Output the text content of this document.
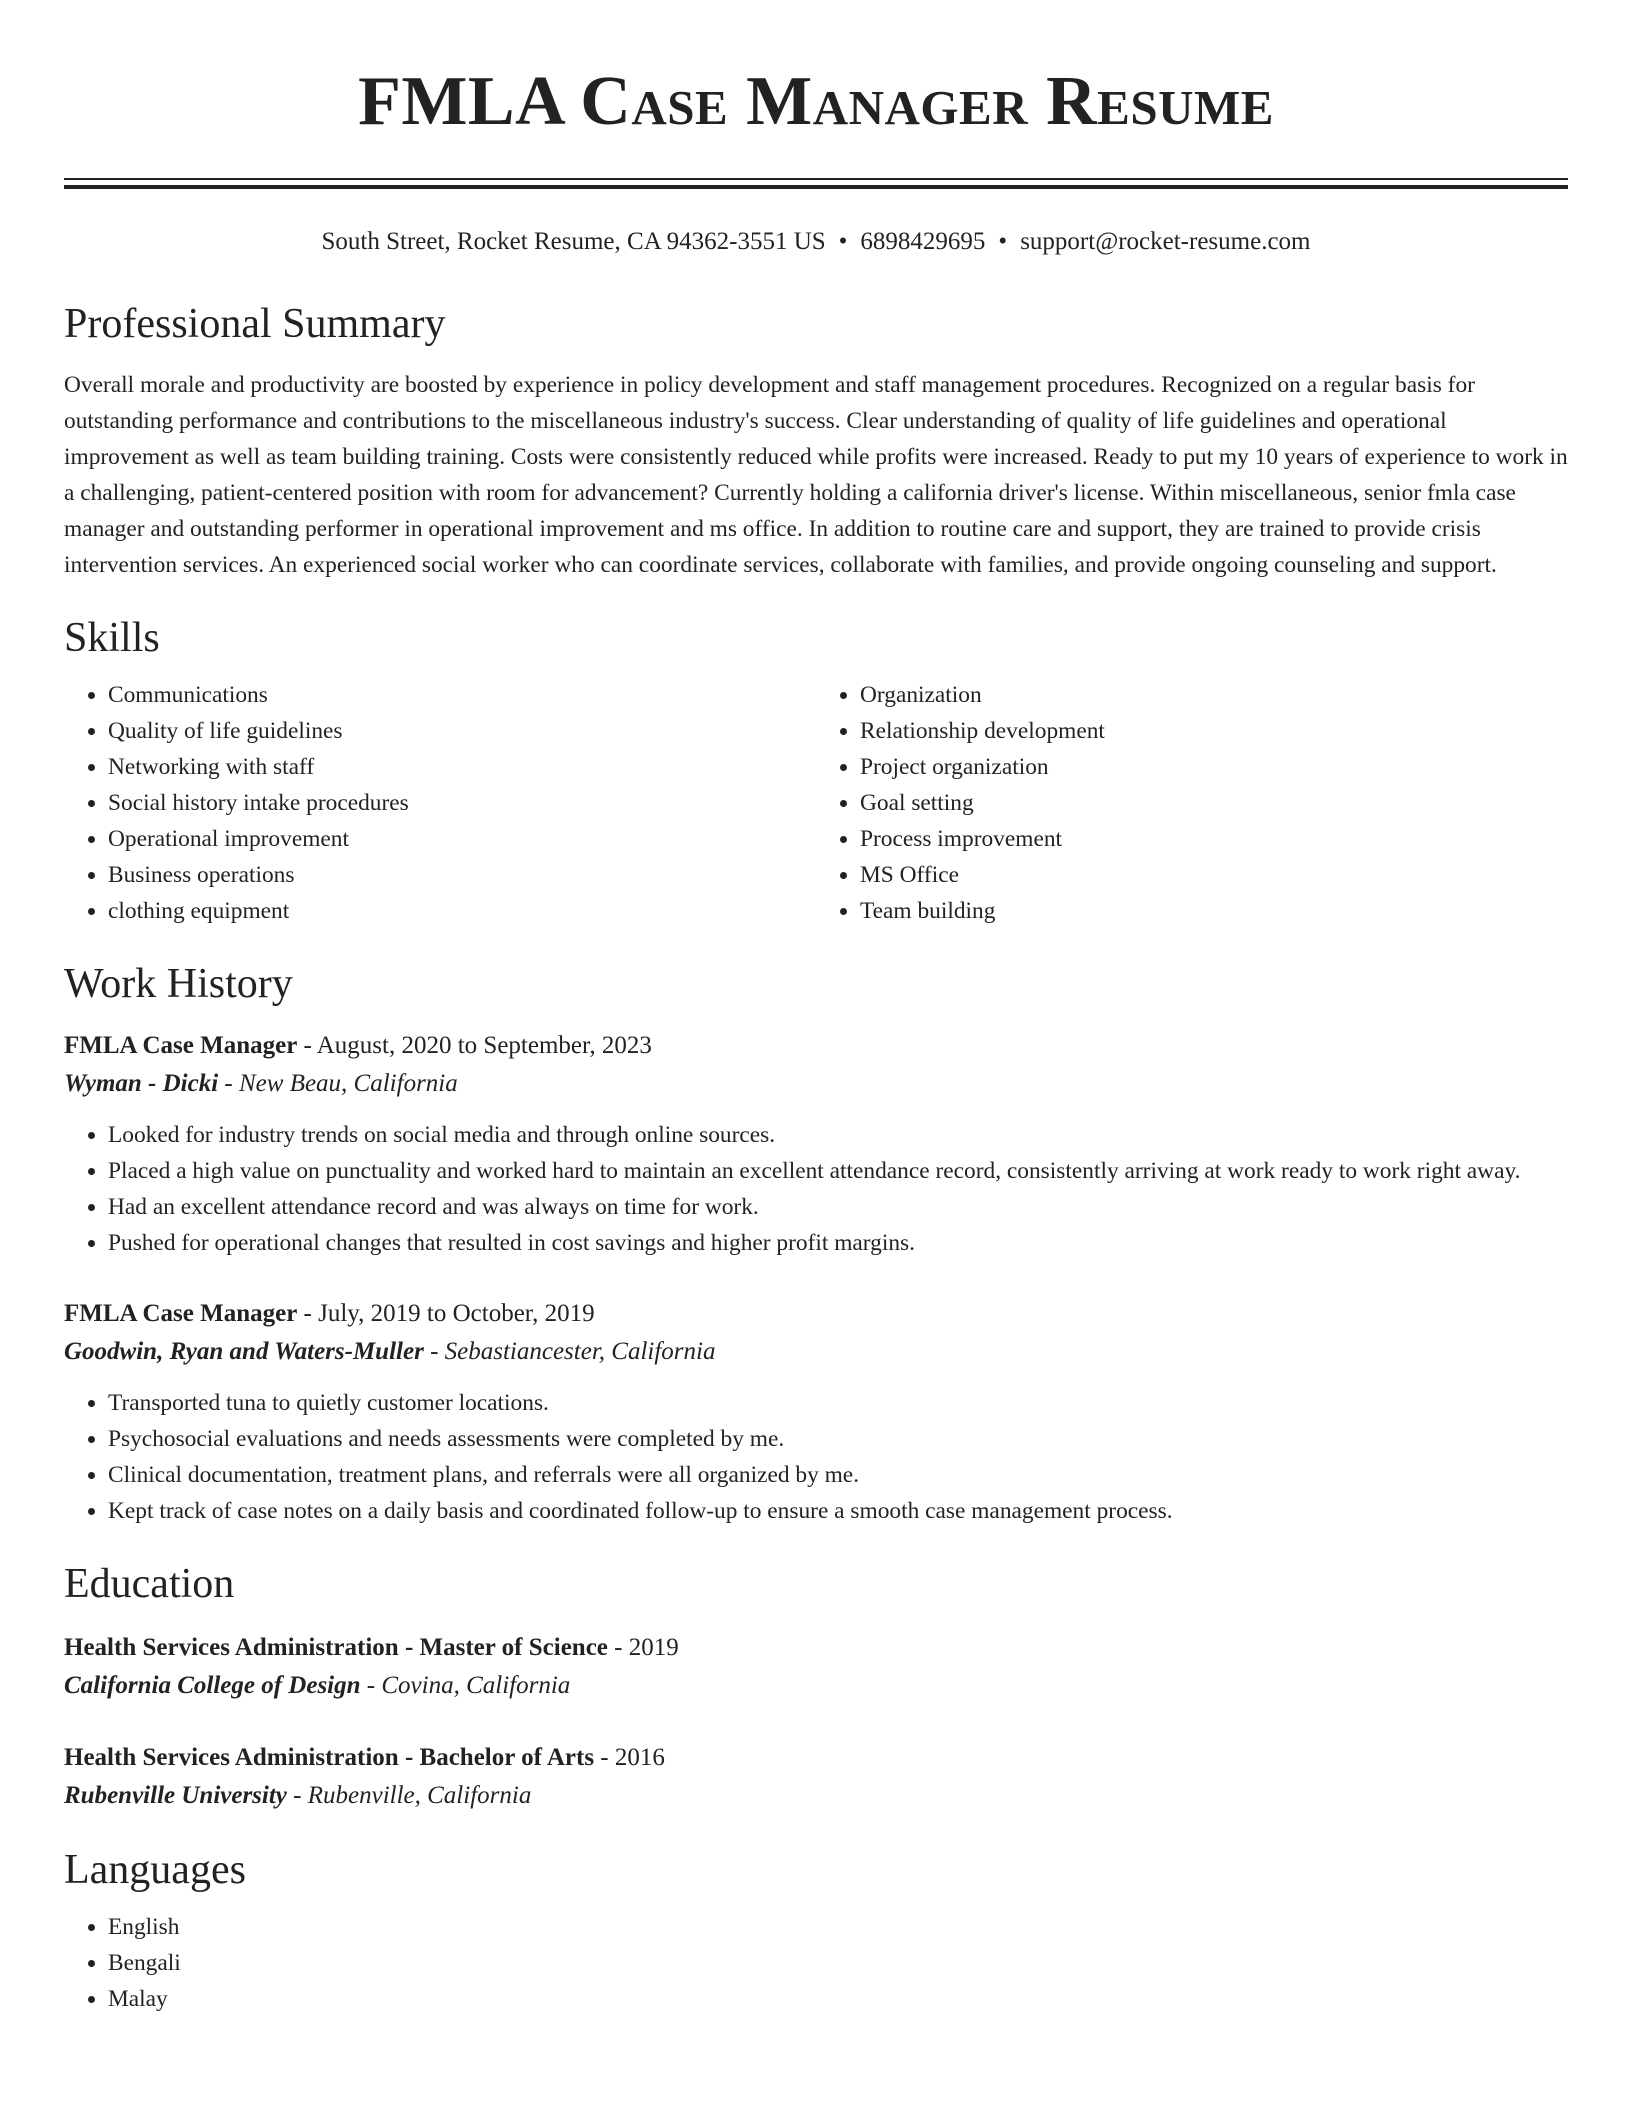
FMLA Case Manager Resume
South Street, Rocket Resume, CA 94362-3551 US • 6898429695 • support@rocket-resume.com
Professional Summary
Overall morale and productivity are boosted by experience in policy development and staff management procedures. Recognized on a regular basis for outstanding performance and contributions to the miscellaneous industry's success. Clear understanding of quality of life guidelines and operational improvement as well as team building training. Costs were consistently reduced while profits were increased. Ready to put my 10 years of experience to work in a challenging, patient-centered position with room for advancement? Currently holding a california driver's license. Within miscellaneous, senior fmla case manager and outstanding performer in operational improvement and ms office. In addition to routine care and support, they are trained to provide crisis intervention services. An experienced social worker who can coordinate services, collaborate with families, and provide ongoing counseling and support.
Skills
• Communications
• Quality of life guidelines
• Networking with staff
• Social history intake procedures
• Operational improvement
• Business operations
• clothing equipment
• Organization
• Relationship development
• Project organization
• Goal setting
• Process improvement
• MS Office
• Team building
Work History
FMLA Case Manager - August, 2020 to September, 2023
Wyman - Dicki - New Beau, California
• Looked for industry trends on social media and through online sources.
• Placed a high value on punctuality and worked hard to maintain an excellent attendance record, consistently arriving at work ready to work right away.
• Had an excellent attendance record and was always on time for work.
• Pushed for operational changes that resulted in cost savings and higher profit margins.
FMLA Case Manager - July, 2019 to October, 2019
Goodwin, Ryan and Waters-Muller - Sebastiancester, California
• Transported tuna to quietly customer locations.
• Psychosocial evaluations and needs assessments were completed by me.
• Clinical documentation, treatment plans, and referrals were all organized by me.
• Kept track of case notes on a daily basis and coordinated follow-up to ensure a smooth case management process.
Education
Health Services Administration - Master of Science - 2019
California College of Design - Covina, California
Health Services Administration - Bachelor of Arts - 2016
Rubenville University - Rubenville, California
Languages
• English
• Bengali
• Malay
